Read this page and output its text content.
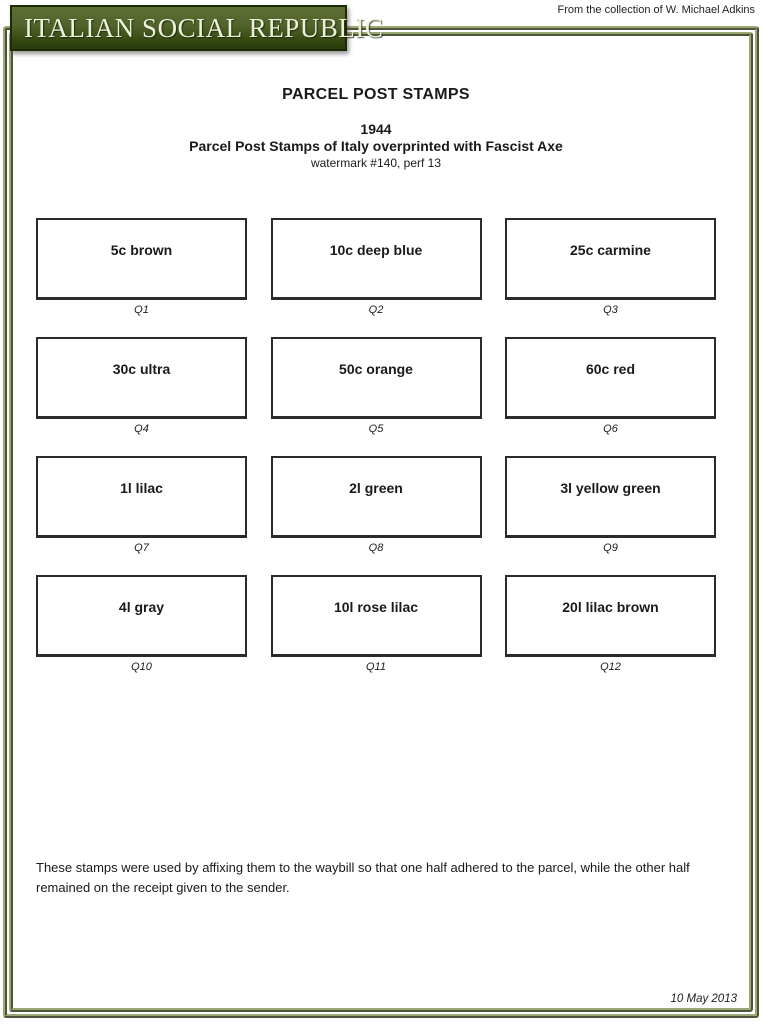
From the collection of W. Michael Adkins
ITALIAN SOCIAL REPUBLIC
PARCEL POST STAMPS
1944
Parcel Post Stamps of Italy overprinted with Fascist Axe
watermark #140, perf 13
5c brown
Q1
10c deep blue
Q2
25c carmine
Q3
30c ultra
Q4
50c orange
Q5
60c red
Q6
1l lilac
Q7
2l green
Q8
3l yellow green
Q9
4l gray
Q10
10l rose lilac
Q11
20l lilac brown
Q12
These stamps were used by affixing them to the waybill so that one half adhered to the parcel, while the other half remained on the receipt given to the sender.
10 May 2013
